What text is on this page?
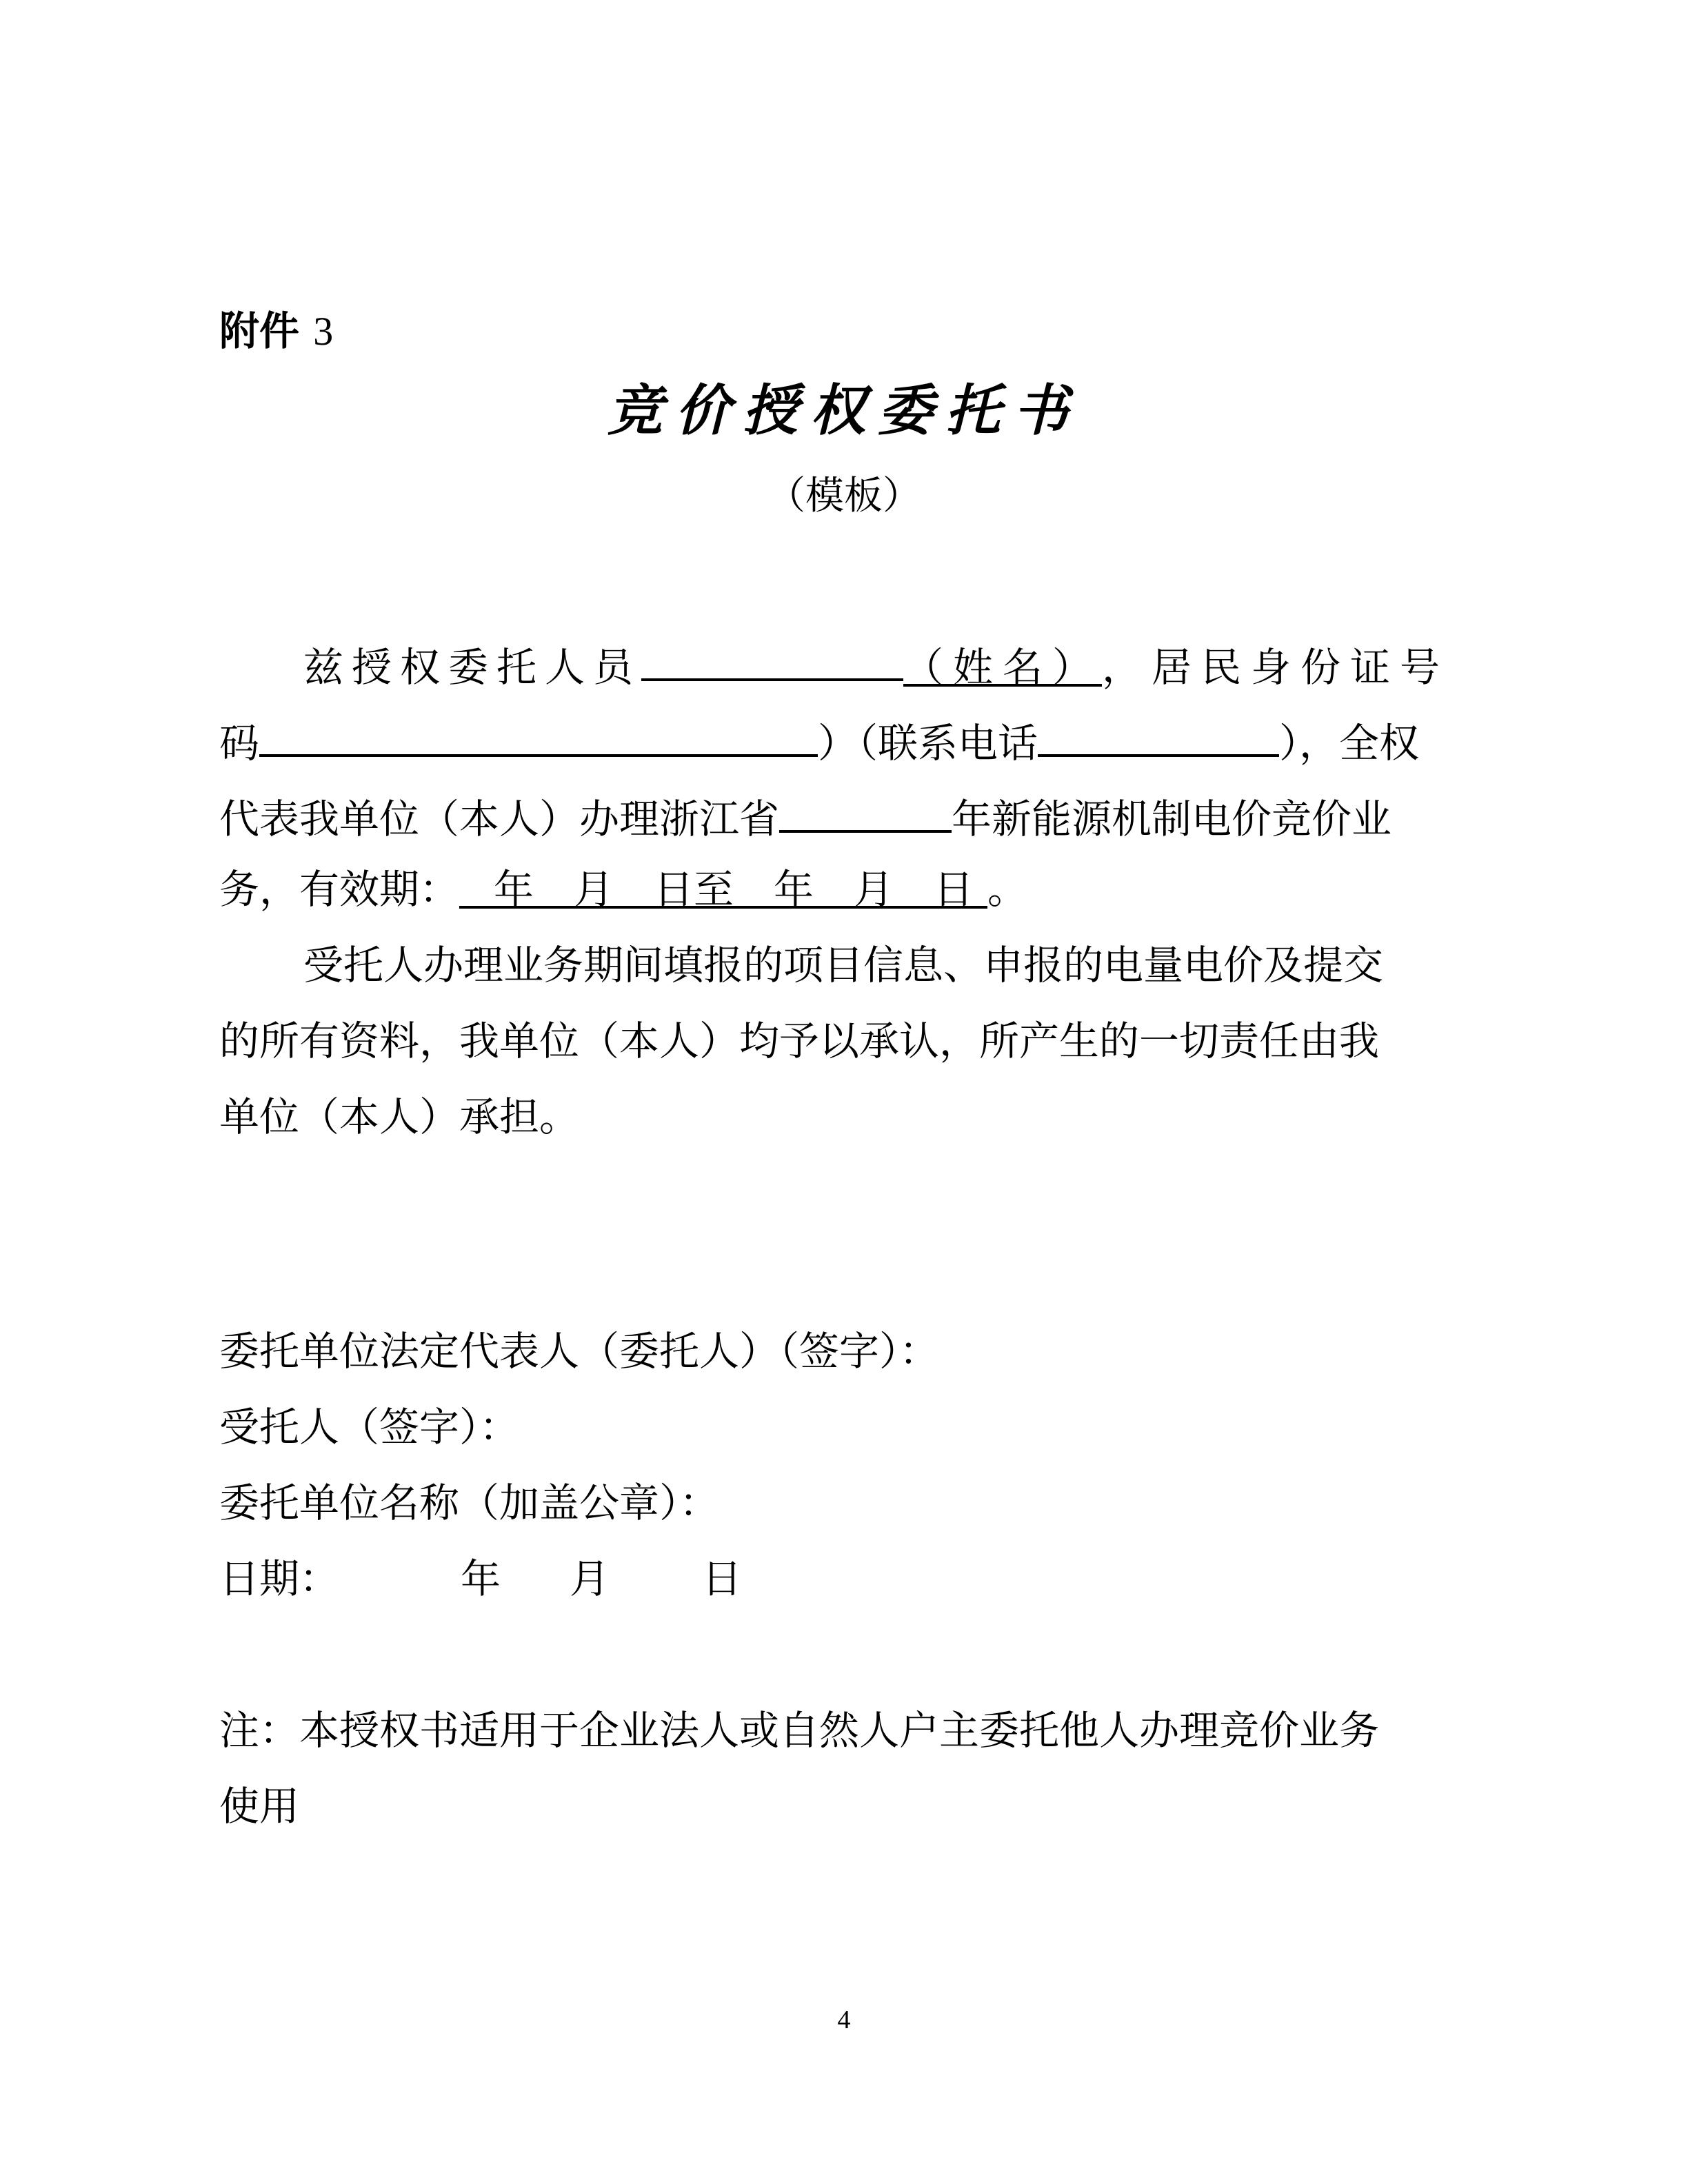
附件 3
竞价授权委托书
（模板）
兹授权委托人员	（姓名），居民身份证号
码	）（联系电话	），全权
代表我单位（本人）办理浙江省	年新能源机制电价竞价业
务，有效期： 年　月　日至　年　月　日 。
受托人办理业务期间填报的项目信息、申报的电量电价及提交
的所有资料，我单位（本人）均予以承认，所产生的一切责任由我
单位（本人）承担。
委托单位法定代表人（委托人）（签字）：
受托人（签字）：
委托单位名称（加盖公章）：
日期：	年 月 日
注：本授权书适用于企业法人或自然人户主委托他人办理竞价业务
使用
4
